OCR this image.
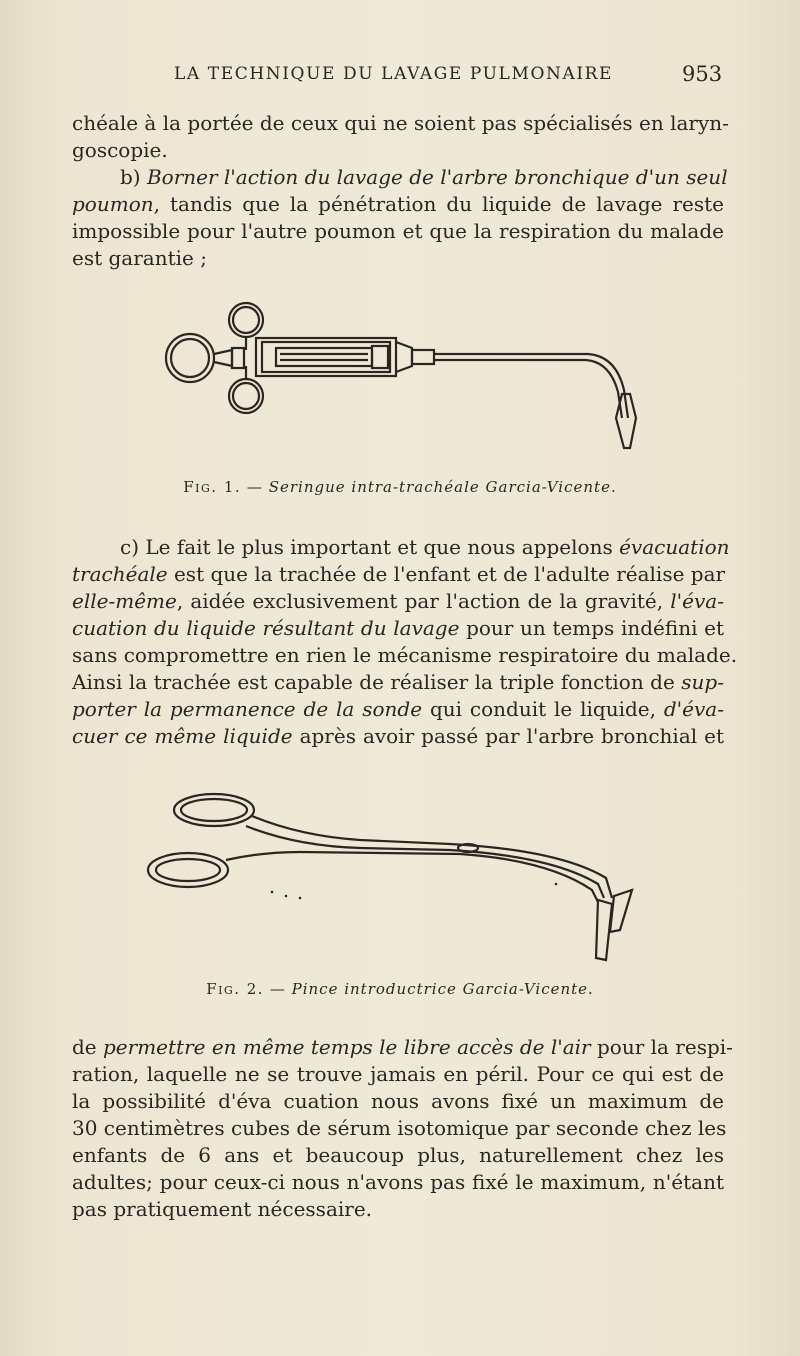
LA TECHNIQUE DU LAVAGE PULMONAIRE	953

chéale à la portée de ceux qui ne soient pas spécialisés en laryn-
goscopie.

b) Borner l'action du lavage de l'arbre bronchique d'un seul
poumon, tandis que la pénétration du liquide de lavage reste
impossible pour l'autre poumon et que la respiration du malade
est garantie ;

Fig. 1. — Seringue intra-trachéale Garcia-Vicente.

c) Le fait le plus important et que nous appelons évacuation
trachéale est que la trachée de l'enfant et de l'adulte réalise par
elle-même, aidée exclusivement par l'action de la gravité, l'éva-
cuation du liquide résultant du lavage pour un temps indéfini et
sans compromettre en rien le mécanisme respiratoire du malade.
Ainsi la trachée est capable de réaliser la triple fonction de sup-
porter la permanence de la sonde qui conduit le liquide, d'éva-
cuer ce même liquide après avoir passé par l'arbre bronchial et

Fig. 2. — Pince introductrice Garcia-Vicente.

de permettre en même temps le libre accès de l'air pour la respi-
ration, laquelle ne se trouve jamais en péril. Pour ce qui est de
la possibilité d'éva cuation nous avons fixé un maximum de
30 centimètres cubes de sérum isotomique par seconde chez les
enfants de 6 ans et beaucoup plus, naturellement chez les
adultes; pour ceux-ci nous n'avons pas fixé le maximum, n'étant
pas pratiquement nécessaire.
